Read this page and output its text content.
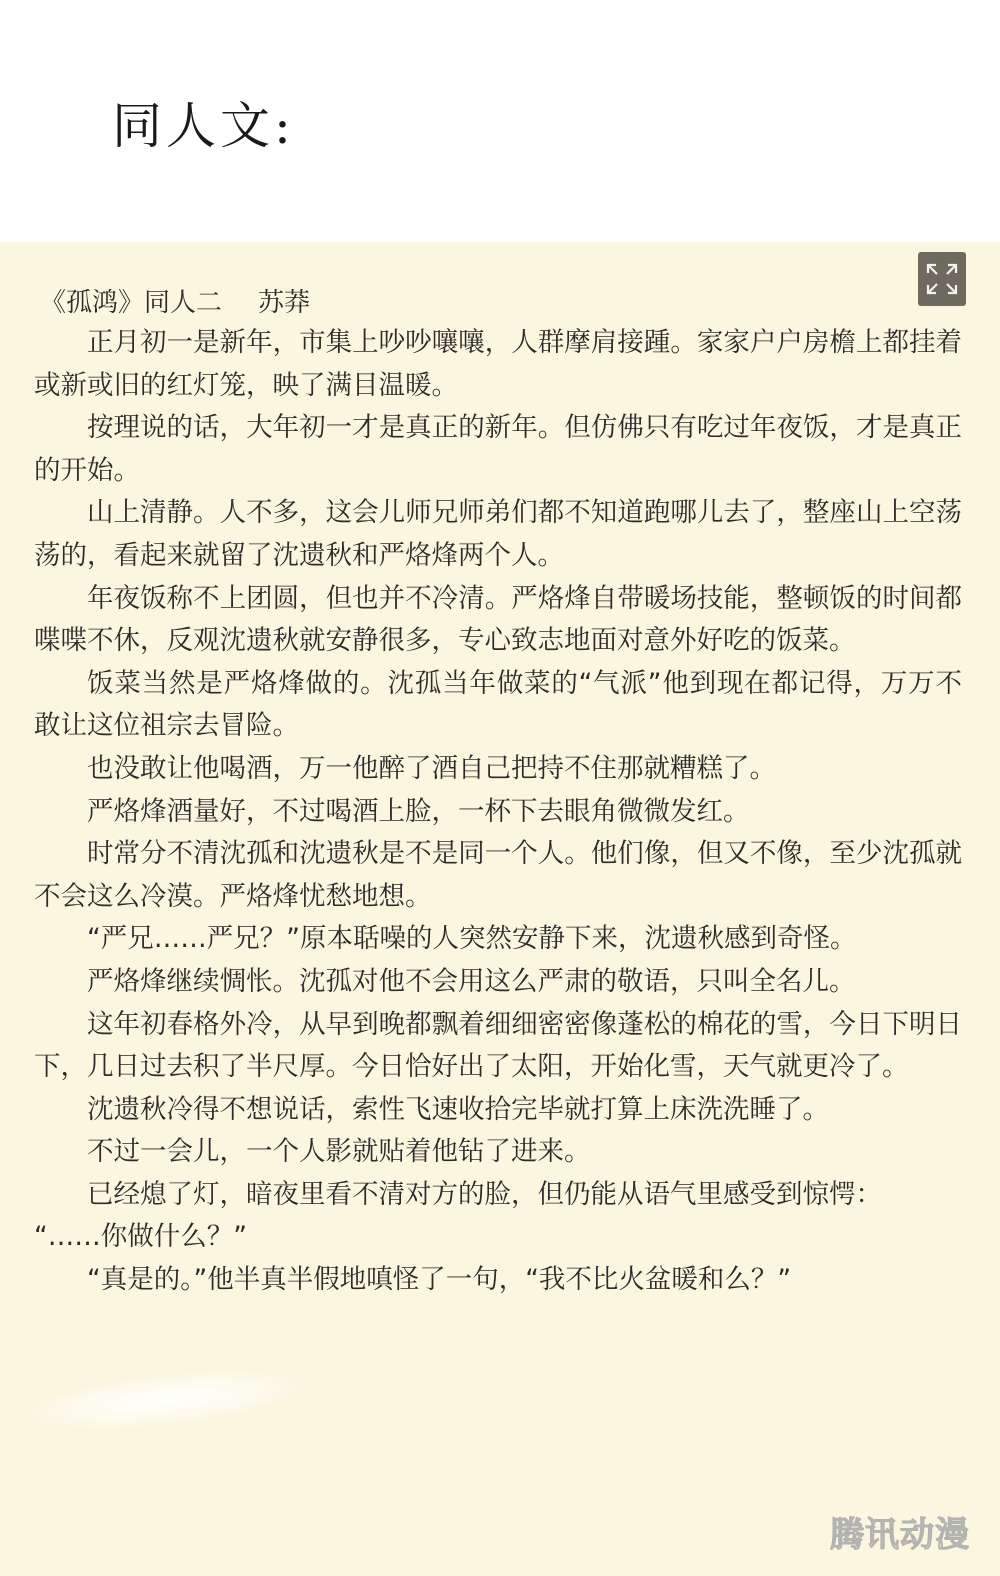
同人文:
《孤鸿》同人二 苏莽

正月初一是新年，市集上吵吵嚷嚷，人群摩肩接踵。家家户户房檐上都挂着或新或旧的红灯笼，映了满目温暖。

按理说的话，大年初一才是真正的新年。但仿佛只有吃过年夜饭，才是真正的开始。

山上清静。人不多，这会儿师兄师弟们都不知道跑哪儿去了，整座山上空荡荡的，看起来就留了沈遗秋和严烙烽两个人。

年夜饭称不上团圆，但也并不冷清。严烙烽自带暖场技能，整顿饭的时间都喋喋不休，反观沈遗秋就安静很多，专心致志地面对意外好吃的饭菜。

饭菜当然是严烙烽做的。沈孤当年做菜的“气派”他到现在都记得，万万不敢让这位祖宗去冒险。

也没敢让他喝酒，万一他醉了酒自己把持不住那就糟糕了。

严烙烽酒量好，不过喝酒上脸，一杯下去眼角微微发红。

时常分不清沈孤和沈遗秋是不是同一个人。他们像，但又不像，至少沈孤就不会这么冷漠。严烙烽忧愁地想。

“严兄……严兄？”原本聒噪的人突然安静下来，沈遗秋感到奇怪。

严烙烽继续惆怅。沈孤对他不会用这么严肃的敬语，只叫全名儿。

这年初春格外冷，从早到晚都飘着细细密密像蓬松的棉花的雪，今日下明日下，几日过去积了半尺厚。今日恰好出了太阳，开始化雪，天气就更冷了。

沈遗秋冷得不想说话，索性飞速收拾完毕就打算上床洗洗睡了。

不过一会儿，一个人影就贴着他钻了进来。

已经熄了灯，暗夜里看不清对方的脸，但仍能从语气里感受到惊愕：

“……你做什么？”

“真是的。”他半真半假地嗔怪了一句，“我不比火盆暖和么？”

腾讯动漫
